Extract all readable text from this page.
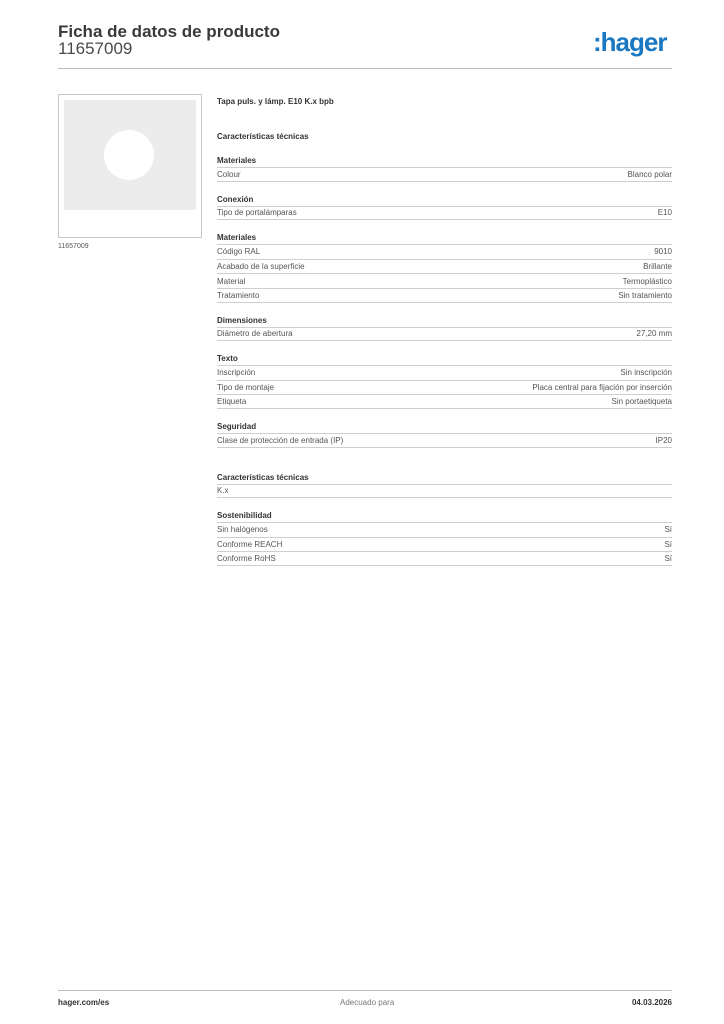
Ficha de datos de producto
11657009	:hager
11657009
Tapa puls. y lámp. E10 K.x bpb
Características técnicas
Materiales
Colour	Blanco polar
Conexión
Tipo de portalámparas	E10
Materiales
Código RAL	9010
Acabado de la superficie	Brillante
Material	Termoplástico
Tratamiento	Sin tratamiento
Dimensiones
Diámetro de abertura	27,20 mm
Texto
Inscripción	Sin inscripción
Tipo de montaje	Placa central para fijación por inserción
Etiqueta	Sin portaetiqueta
Seguridad
Clase de protección de entrada (IP)	IP20
Características técnicas
K.x
Sostenibilidad
Sin halógenos	Sí
Conforme REACH	Sí
Conforme RoHS	Sí
hager.com/es	Adecuado para	04.03.2026
